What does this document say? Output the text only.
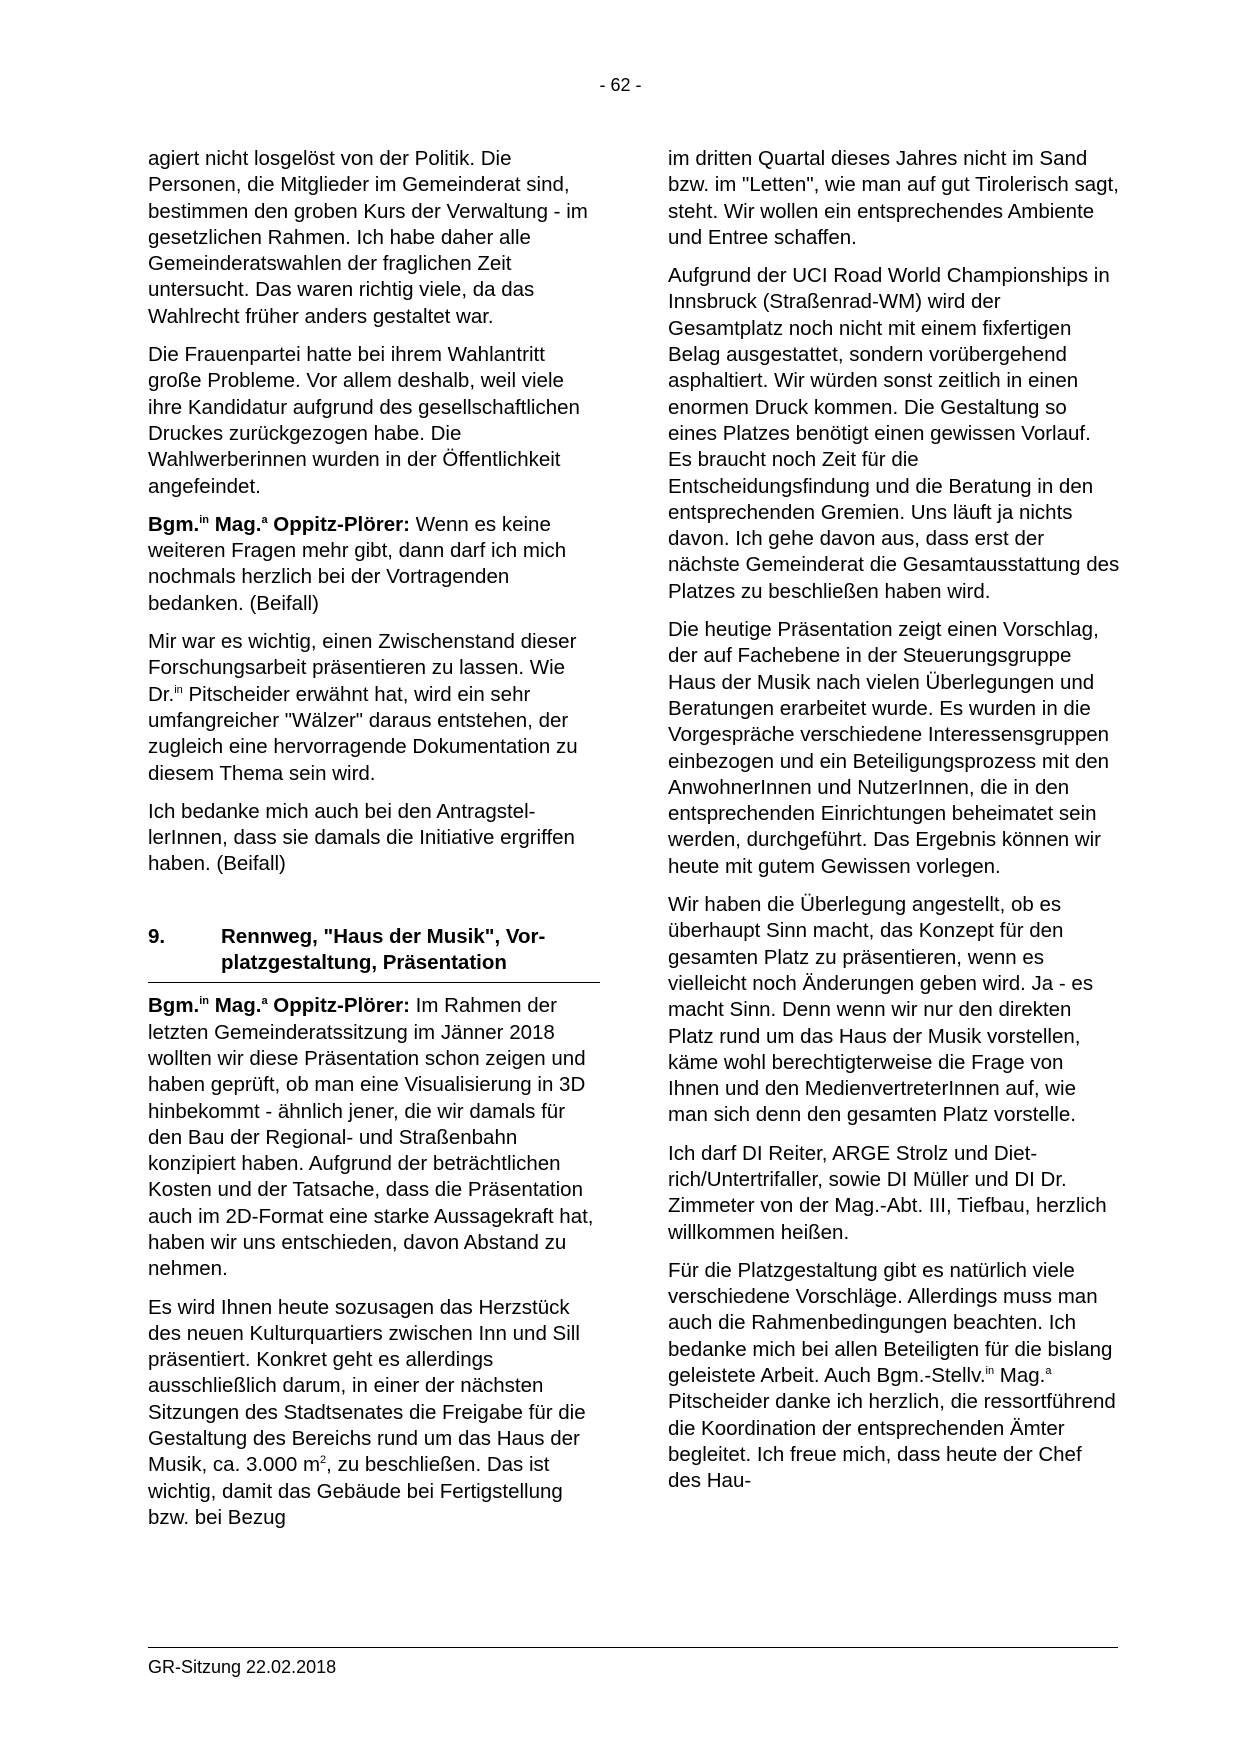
- 62 -

agiert nicht losgelöst von der Politik. Die Personen, die Mitglieder im Gemeinderat sind, bestimmen den groben Kurs der Verwaltung - im gesetzlichen Rahmen. Ich habe daher alle Gemeinderatswahlen der fraglichen Zeit untersucht. Das waren richtig viele, da das Wahlrecht früher anders gestaltet war.

Die Frauenpartei hatte bei ihrem Wahlantritt große Probleme. Vor allem deshalb, weil viele ihre Kandidatur aufgrund des gesellschaftlichen Druckes zurückgezogen habe. Die Wahlwerberinnen wurden in der Öffentlichkeit angefeindet.

Bgm.$^{in}$ Mag.$^a$ Oppitz-Plörer: Wenn es keine weiteren Fragen mehr gibt, dann darf ich mich nochmals herzlich bei der Vortragenden bedanken. (Beifall)

Mir war es wichtig, einen Zwischenstand dieser Forschungsarbeit präsentieren zu lassen. Wie Dr.$^{in}$ Pitscheider erwähnt hat, wird ein sehr umfangreicher "Wälzer" daraus entstehen, der zugleich eine hervorragende Dokumentation zu diesem Thema sein wird.

Ich bedanke mich auch bei den AntragstellerInnen, dass sie damals die Initiative ergriffen haben. (Beifall)

9.	Rennweg, "Haus der Musik", Vorplatzgestaltung, Präsentation

Bgm.$^{in}$ Mag.$^a$ Oppitz-Plörer: Im Rahmen der letzten Gemeinderatssitzung im Jänner 2018 wollten wir diese Präsentation schon zeigen und haben geprüft, ob man eine Visualisierung in 3D hinbekommt - ähnlich jener, die wir damals für den Bau der Regional- und Straßenbahn konzipiert haben. Aufgrund der beträchtlichen Kosten und der Tatsache, dass die Präsentation auch im 2D-Format eine starke Aussagekraft hat, haben wir uns entschieden, davon Abstand zu nehmen.

Es wird Ihnen heute sozusagen das Herzstück des neuen Kulturquartiers zwischen Inn und Sill präsentiert. Konkret geht es allerdings ausschließlich darum, in einer der nächsten Sitzungen des Stadtsenates die Freigabe für die Gestaltung des Bereichs rund um das Haus der Musik, ca. 3.000 $m^2$, zu beschließen. Das ist wichtig, damit das Gebäude bei Fertigstellung bzw. bei Bezug

im dritten Quartal dieses Jahres nicht im Sand bzw. im "Letten", wie man auf gut Tirolerisch sagt, steht. Wir wollen ein entsprechendes Ambiente und Entree schaffen.

Aufgrund der UCI Road World Championships in Innsbruck (Straßenrad-WM) wird der Gesamtplatz noch nicht mit einem fixfertigen Belag ausgestattet, sondern vorübergehend asphaltiert. Wir würden sonst zeitlich in einen enormen Druck kommen. Die Gestaltung so eines Platzes benötigt einen gewissen Vorlauf. Es braucht noch Zeit für die Entscheidungsfindung und die Beratung in den entsprechenden Gremien. Uns läuft ja nichts davon. Ich gehe davon aus, dass erst der nächste Gemeinderat die Gesamtausstattung des Platzes zu beschließen haben wird.

Die heutige Präsentation zeigt einen Vorschlag, der auf Fachebene in der Steuerungsgruppe Haus der Musik nach vielen Überlegungen und Beratungen erarbeitet wurde. Es wurden in die Vorgespräche verschiedene Interessensgruppen einbezogen und ein Beteiligungsprozess mit den AnwohnerInnen und NutzerInnen, die in den entsprechenden Einrichtungen beheimatet sein werden, durchgeführt. Das Ergebnis können wir heute mit gutem Gewissen vorlegen.

Wir haben die Überlegung angestellt, ob es überhaupt Sinn macht, das Konzept für den gesamten Platz zu präsentieren, wenn es vielleicht noch Änderungen geben wird. Ja - es macht Sinn. Denn wenn wir nur den direkten Platz rund um das Haus der Musik vorstellen, käme wohl berechtigterweise die Frage von Ihnen und den MedienvertreterInnen auf, wie man sich denn den gesamten Platz vorstelle.

Ich darf DI Reiter, ARGE Strolz und Dietrich/Untertrifaller, sowie DI Müller und DI Dr. Zimmeter von der Mag.-Abt. III, Tiefbau, herzlich willkommen heißen.

Für die Platzgestaltung gibt es natürlich viele verschiedene Vorschläge. Allerdings muss man auch die Rahmenbedingungen beachten. Ich bedanke mich bei allen Beteiligten für die bislang geleistete Arbeit. Auch Bgm.-Stellv.$^{in}$ Mag.$^a$ Pitscheider danke ich herzlich, die ressortführend die Koordination der entsprechenden Ämter begleitet. Ich freue mich, dass heute der Chef des Hau-

GR-Sitzung 22.02.2018
